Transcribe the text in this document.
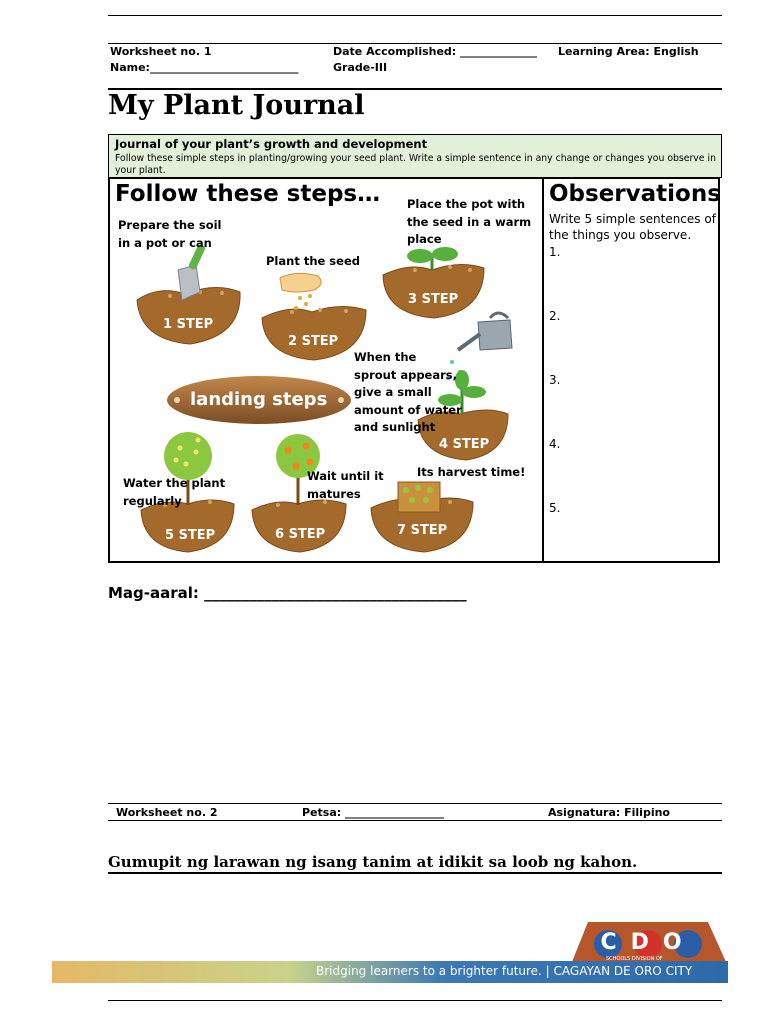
Worksheet no. 1	Date Accomplished: ______________ Learning Area: English
Name:___________________________	Grade-III
My Plant Journal
Journal of your plant’s growth and development
Follow these simple steps in planting/growing your seed plant. Write a simple sentence in any change or changes you observe in your plant.
Follow these steps…	Observations
Write 5 simple sentences of the things you observe.
1.
2.
3.
4.
5.
1 STEP
2 STEP
3 STEP
4 STEP
5 STEP	6 STEP	7 STEP
landing steps
Prepare the soil in a pot or can
Plant the seed
Place the pot with the seed in a warm place
When the sprout appears, give a small amount of water and sunlight
Water the plant regularly
Wait until it matures
Its harvest time!
Mag-aaral: ___________________________________
Worksheet no. 2	Petsa: __________________	Asignatura: Filipino
Gumupit ng larawan ng isang tanim at idikit sa loob ng kahon.
CDO
SCHOOLS DIVISION OF
Bridging learners to a brighter future. | CAGAYAN DE ORO CITY
